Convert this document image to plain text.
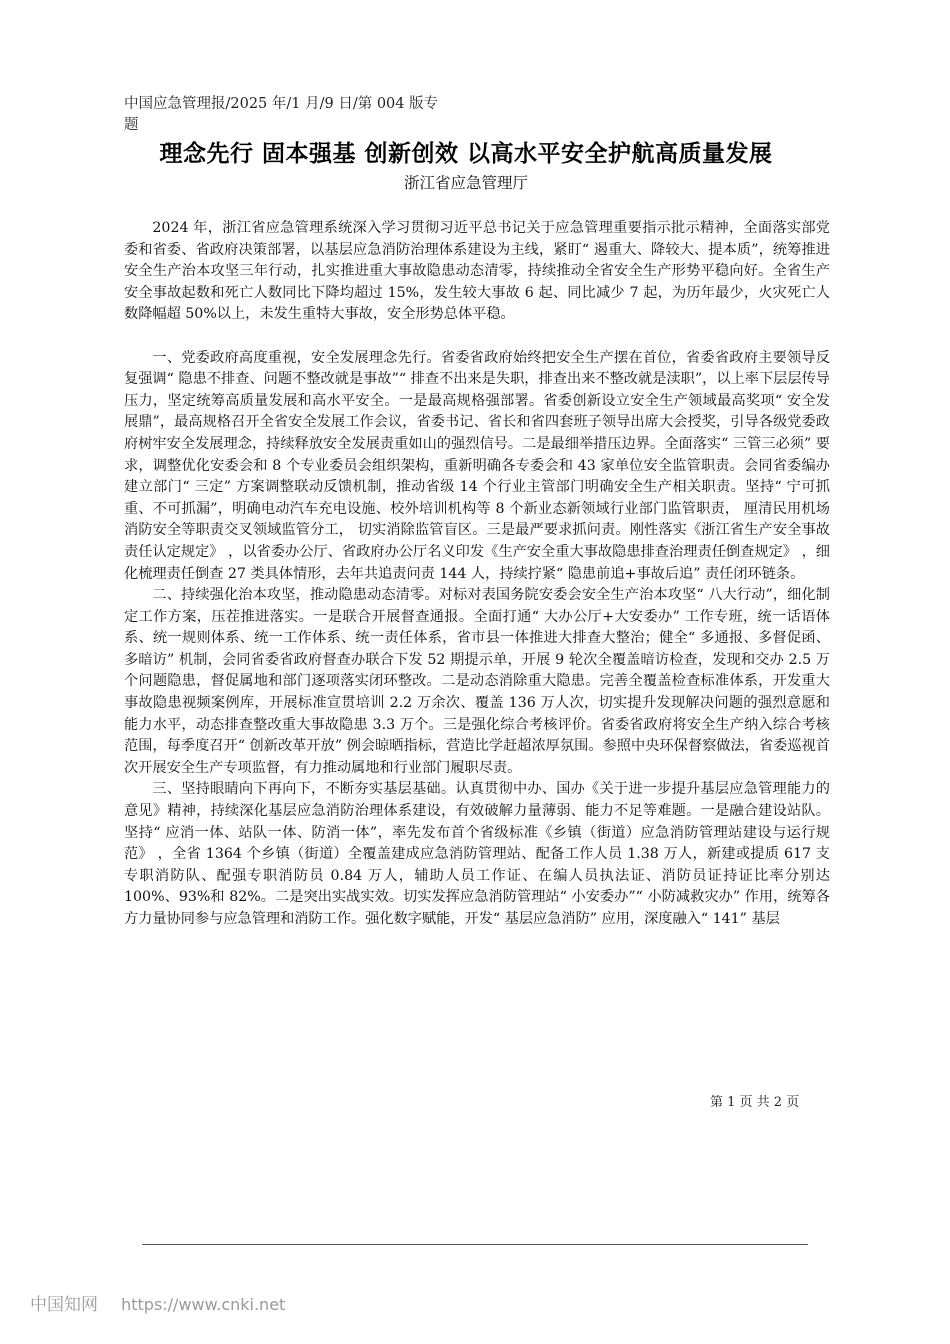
中国应急管理报/2025 年/1 月/9 日/第 004 版专题
理念先行 固本强基 创新创效 以高水平安全护航高质量发展
浙江省应急管理厅

2024 年，浙江省应急管理系统深入学习贯彻习近平总书记关于应急管理重要指示批示精神，全面落实部党委和省委、省政府决策部署，以基层应急消防治理体系建设为主线，紧盯“ 遏重大、降较大、提本质”，统筹推进安全生产治本攻坚三年行动，扎实推进重大事故隐患动态清零，持续推动全省安全生产形势平稳向好。全省生产安全事故起数和死亡人数同比下降均超过 15%，发生较大事故 6 起、同比减少 7 起，为历年最少，火灾死亡人数降幅超 50%以上，未发生重特大事故，安全形势总体平稳。

一、党委政府高度重视，安全发展理念先行。省委省政府始终把安全生产摆在首位，省委省政府主要领导反复强调“ 隐患不排查、问题不整改就是事故”“ 排查不出来是失职，排查出来不整改就是渎职”，以上率下层层传导压力，坚定统筹高质量发展和高水平安全。一是最高规格强部署。省委创新设立安全生产领域最高奖项“ 安全发展鼎”，最高规格召开全省安全发展工作会议，省委书记、省长和省四套班子领导出席大会授奖，引导各级党委政府树牢安全发展理念，持续释放安全发展责重如山的强烈信号。二是最细举措压边界。全面落实“ 三管三必须” 要求，调整优化安委会和 8 个专业委员会组织架构，重新明确各专委会和 43 家单位安全监管职责。会同省委编办建立部门“ 三定” 方案调整联动反馈机制，推动省级 14 个行业主管部门明确安全生产相关职责。坚持“ 宁可抓重、不可抓漏”，明确电动汽车充电设施、校外培训机构等 8 个新业态新领域行业部门监管职责， 厘清民用机场消防安全等职责交叉领域监管分工， 切实消除监管盲区。三是最严要求抓问责。刚性落实《浙江省生产安全事故责任认定规定》 ，以省委办公厅、省政府办公厅名义印发《生产安全重大事故隐患排查治理责任倒查规定》 ，细化梳理责任倒查 27 类具体情形，去年共追责问责 144 人，持续拧紧“ 隐患前追+事故后追” 责任闭环链条。

二、持续强化治本攻坚，推动隐患动态清零。对标对表国务院安委会安全生产治本攻坚“ 八大行动”，细化制定工作方案，压茬推进落实。一是联合开展督查通报。全面打通“ 大办公厅+大安委办” 工作专班，统一话语体系、统一规则体系、统一工作体系、统一责任体系，省市县一体推进大排查大整治；健全“ 多通报、多督促函、多暗访” 机制，会同省委省政府督查办联合下发 52 期提示单，开展 9 轮次全覆盖暗访检查，发现和交办 2.5 万个问题隐患，督促属地和部门逐项落实闭环整改。二是动态消除重大隐患。完善全覆盖检查标准体系，开发重大事故隐患视频案例库，开展标准宣贯培训 2.2 万余次、覆盖 136 万人次，切实提升发现解决问题的强烈意愿和能力水平，动态排查整改重大事故隐患 3.3 万个。三是强化综合考核评价。省委省政府将安全生产纳入综合考核范围，每季度召开“ 创新改革开放” 例会晾晒指标，营造比学赶超浓厚氛围。参照中央环保督察做法，省委巡视首次开展安全生产专项监督，有力推动属地和行业部门履职尽责。

三、坚持眼睛向下再向下，不断夯实基层基础。认真贯彻中办、国办《关于进一步提升基层应急管理能力的意见》精神，持续深化基层应急消防治理体系建设，有效破解力量薄弱、能力不足等难题。一是融合建设站队。坚持“ 应消一体、站队一体、防消一体”，率先发布首个省级标准《乡镇（街道）应急消防管理站建设与运行规范》 ，全省 1364 个乡镇（街道）全覆盖建成应急消防管理站、配备工作人员 1.38 万人，新建或提质 617 支专职消防队、配强专职消防员 0.84 万人，辅助人员工作证、在编人员执法证、消防员证持证比率分别达 100%、93%和 82%。二是突出实战实效。切实发挥应急消防管理站“ 小安委办”“ 小防减救灾办” 作用，统筹各方力量协同参与应急管理和消防工作。强化数字赋能，开发“ 基层应急消防” 应用，深度融入“ 141” 基层

第 1 页 共 2 页
中国知网 https://www.cnki.net
